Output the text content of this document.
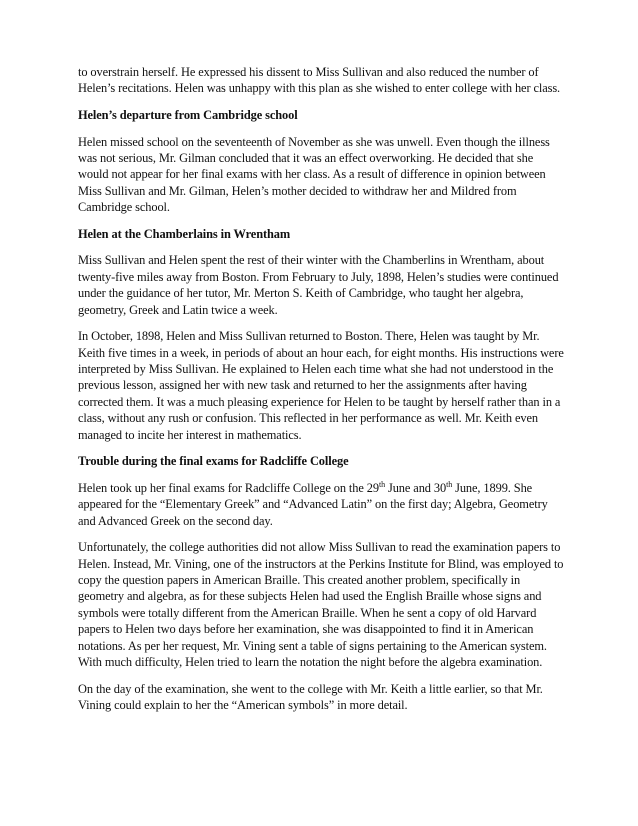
to overstrain herself. He expressed his dissent to Miss Sullivan and also reduced the number of Helen’s recitations. Helen was unhappy with this plan as she wished to enter college with her class.

Helen’s departure from Cambridge school

Helen missed school on the seventeenth of November as she was unwell. Even though the illness was not serious, Mr. Gilman concluded that it was an effect overworking. He decided that she would not appear for her final exams with her class. As a result of difference in opinion between Miss Sullivan and Mr. Gilman, Helen’s mother decided to withdraw her and Mildred from Cambridge school.

Helen at the Chamberlains in Wrentham

Miss Sullivan and Helen spent the rest of their winter with the Chamberlins in Wrentham, about twenty-five miles away from Boston. From February to July, 1898, Helen’s studies were continued under the guidance of her tutor, Mr. Merton S. Keith of Cambridge, who taught her algebra, geometry, Greek and Latin twice a week.

In October, 1898, Helen and Miss Sullivan returned to Boston. There, Helen was taught by Mr. Keith five times in a week, in periods of about an hour each, for eight months. His instructions were interpreted by Miss Sullivan. He explained to Helen each time what she had not understood in the previous lesson, assigned her with new task and returned to her the assignments after having corrected them. It was a much pleasing experience for Helen to be taught by herself rather than in a class, without any rush or confusion. This reflected in her performance as well. Mr. Keith even managed to incite her interest in mathematics.

Trouble during the final exams for Radcliffe College

Helen took up her final exams for Radcliffe College on the 29th June and 30th June, 1899. She appeared for the “Elementary Greek” and “Advanced Latin” on the first day; Algebra, Geometry and Advanced Greek on the second day.

Unfortunately, the college authorities did not allow Miss Sullivan to read the examination papers to Helen. Instead, Mr. Vining, one of the instructors at the Perkins Institute for Blind, was employed to copy the question papers in American Braille. This created another problem, specifically in geometry and algebra, as for these subjects Helen had used the English Braille whose signs and symbols were totally different from the American Braille. When he sent a copy of old Harvard papers to Helen two days before her examination, she was disappointed to find it in American notations. As per her request, Mr. Vining sent a table of signs pertaining to the American system. With much difficulty, Helen tried to learn the notation the night before the algebra examination.

On the day of the examination, she went to the college with Mr. Keith a little earlier, so that Mr. Vining could explain to her the “American symbols” in more detail.
